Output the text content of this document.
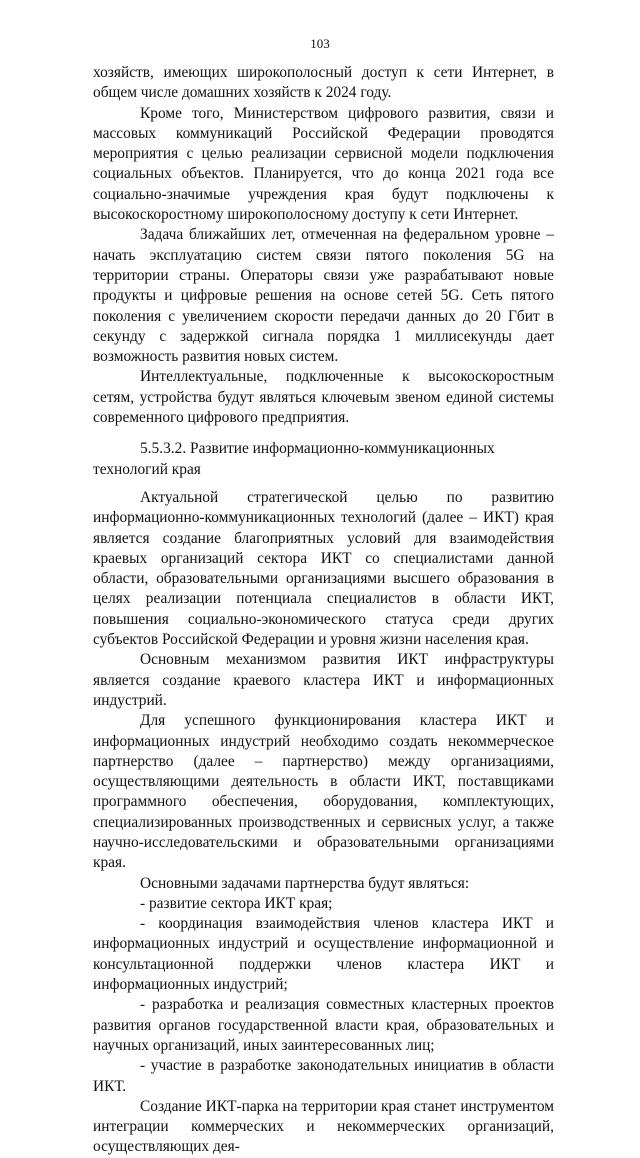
103

хозяйств, имеющих широкополосный доступ к сети Интернет, в общем числе домашних хозяйств к 2024 году.

Кроме того, Министерством цифрового развития, связи и массовых коммуникаций Российской Федерации проводятся мероприятия с целью реализации сервисной модели подключения социальных объектов. Планируется, что до конца 2021 года все социально-значимые учреждения края будут подключены к высокоскоростному широкополосному доступу к сети Интернет.

Задача ближайших лет, отмеченная на федеральном уровне – начать эксплуатацию систем связи пятого поколения 5G на территории страны. Операторы связи уже разрабатывают новые продукты и цифровые решения на основе сетей 5G. Сеть пятого поколения с увеличением скорости передачи данных до 20 Гбит в секунду с задержкой сигнала порядка 1 миллисекунды дает возможность развития новых систем.

Интеллектуальные, подключенные к высокоскоростным сетям, устройства будут являться ключевым звеном единой системы современного цифрового предприятия.

5.5.3.2. Развитие информационно-коммуникационных технологий края

Актуальной стратегической целью по развитию информационно-коммуникационных технологий (далее – ИКТ) края является создание благоприятных условий для взаимодействия краевых организаций сектора ИКТ со специалистами данной области, образовательными организациями высшего образования в целях реализации потенциала специалистов в области ИКТ, повышения социально-экономического статуса среди других субъектов Российской Федерации и уровня жизни населения края.

Основным механизмом развития ИКТ инфраструктуры является создание краевого кластера ИКТ и информационных индустрий.

Для успешного функционирования кластера ИКТ и информационных индустрий необходимо создать некоммерческое партнерство (далее – партнерство) между организациями, осуществляющими деятельность в области ИКТ, поставщиками программного обеспечения, оборудования, комплектующих, специализированных производственных и сервисных услуг, а также научно-исследовательскими и образовательными организациями края.

Основными задачами партнерства будут являться:

- развитие сектора ИКТ края;

- координация взаимодействия членов кластера ИКТ и информационных индустрий и осуществление информационной и консультационной поддержки членов кластера ИКТ и информационных индустрий;

- разработка и реализация совместных кластерных проектов развития органов государственной власти края, образовательных и научных организаций, иных заинтересованных лиц;

- участие в разработке законодательных инициатив в области ИКТ.

Создание ИКТ-парка на территории края станет инструментом интеграции коммерческих и некоммерческих организаций, осуществляющих дея-
